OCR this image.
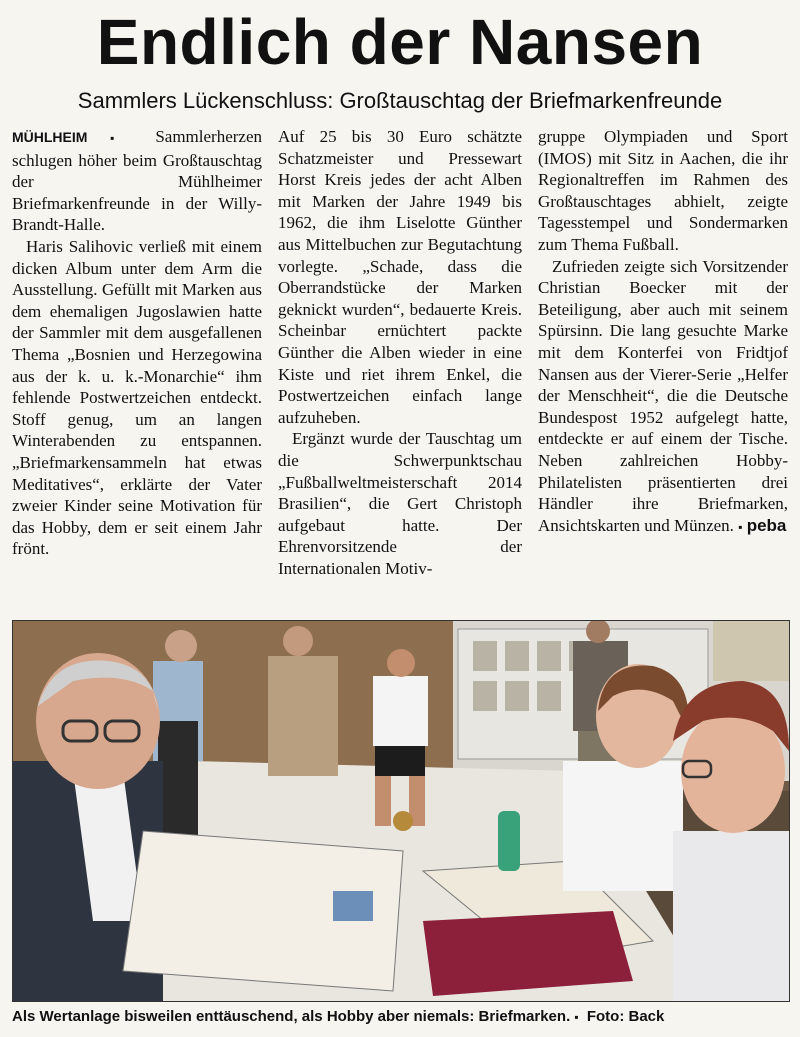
Endlich der Nansen
Sammlers Lückenschluss: Großtauschtag der Briefmarkenfreunde

MÜHLHEIM ▪ Sammlerherzen schlugen höher beim Großtauschtag der Mühlheimer Briefmarkenfreunde in der Willy-Brandt-Halle.

Haris Salihovic verließ mit einem dicken Album unter dem Arm die Ausstellung. Gefüllt mit Marken aus dem ehemaligen Jugoslawien hatte der Sammler mit dem ausgefallenen Thema „Bosnien und Herzegowina aus der k. u. k.-Monarchie“ ihm fehlende Postwertzeichen entdeckt. Stoff genug, um an langen Winterabenden zu entspannen. „Briefmarkensammeln hat etwas Meditatives“, erklärte der Vater zweier Kinder seine Motivation für das Hobby, dem er seit einem Jahr frönt.

Auf 25 bis 30 Euro schätzte Schatzmeister und Pressewart Horst Kreis jedes der acht Alben mit Marken der Jahre 1949 bis 1962, die ihm Liselotte Günther aus Mittelbuchen zur Begutachtung vorlegte. „Schade, dass die Oberrandstücke der Marken geknickt wurden“, bedauerte Kreis. Scheinbar ernüchtert packte Günther die Alben wieder in eine Kiste und riet ihrem Enkel, die Postwertzeichen einfach lange aufzuheben.

Ergänzt wurde der Tauschtag um die Schwerpunktschau „Fußballweltmeisterschaft 2014 Brasilien“, die Gert Christoph aufgebaut hatte. Der Ehrenvorsitzende der Internationalen Motiv-

gruppe Olympiaden und Sport (IMOS) mit Sitz in Aachen, die ihr Regionaltreffen im Rahmen des Großtauschtages abhielt, zeigte Tagesstempel und Sondermarken zum Thema Fußball.

Zufrieden zeigte sich Vorsitzender Christian Boecker mit der Beteiligung, aber auch mit seinem Spürsinn. Die lang gesuchte Marke mit dem Konterfei von Fridtjof Nansen aus der Vierer-Serie „Helfer der Menschheit“, die die Deutsche Bundespost 1952 aufgelegt hatte, entdeckte er auf einem der Tische. Neben zahlreichen Hobby-Philatelisten präsentierten drei Händler ihre Briefmarken, Ansichtskarten und Münzen. ▪ peba

Als Wertanlage bisweilen enttäuschend, als Hobby aber niemals: Briefmarken. ▪ Foto: Back
